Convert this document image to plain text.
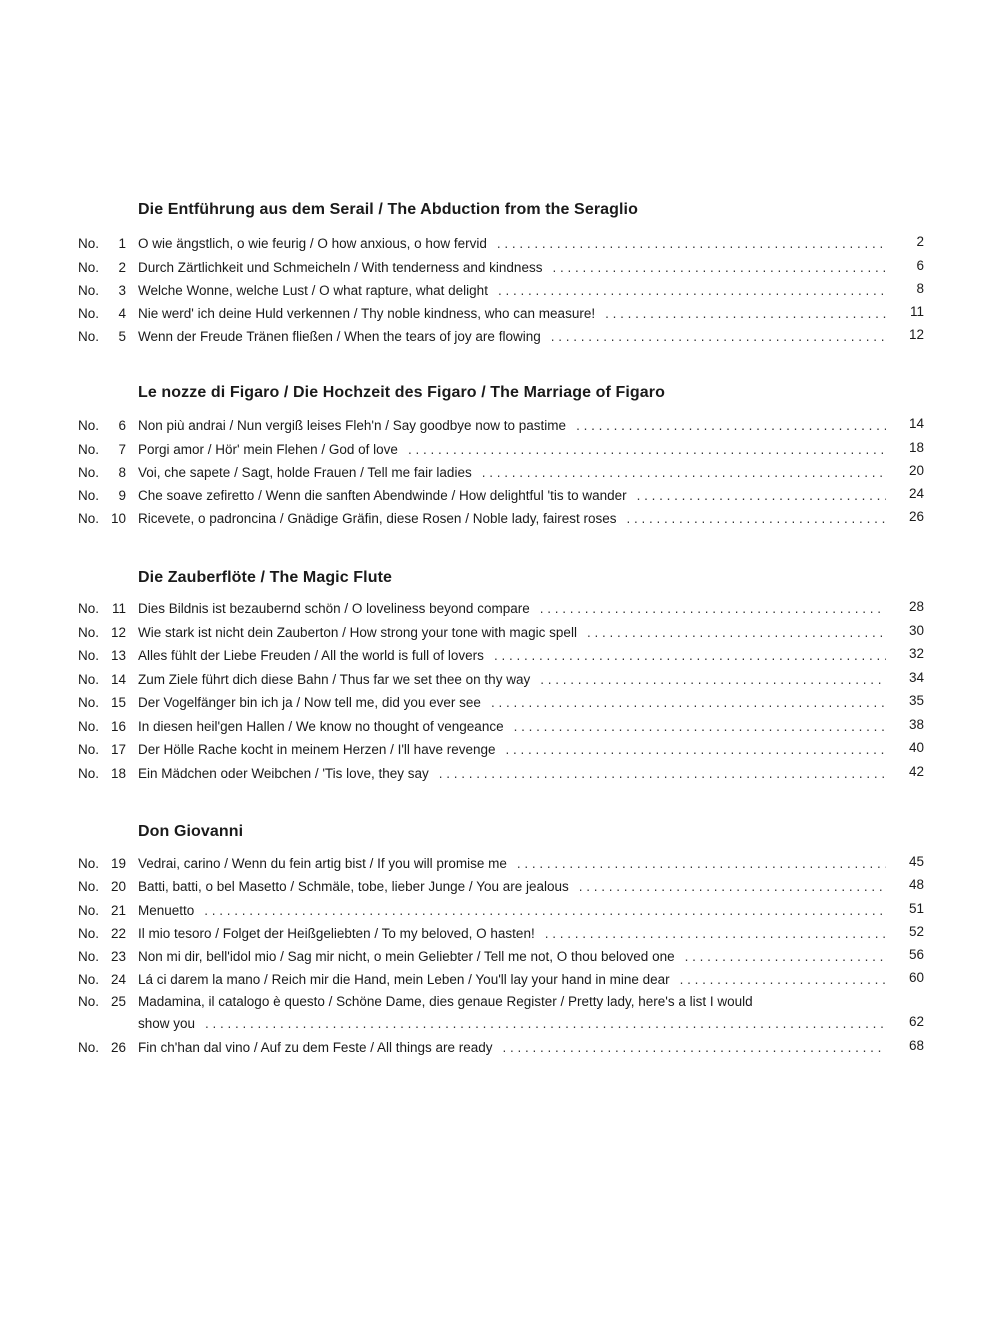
Die Entführung aus dem Serail / The Abduction from the Seraglio
No.	1 O wie ängstlich, o wie feurig / O how anxious, o how fervid . . .	2
No.	2 Durch Zärtlichkeit und Schmeicheln / With tenderness and kindness . . .	6
No.	3 Welche Wonne, welche Lust / O what rapture, what delight . . .	8
No.	4 Nie werd' ich deine Huld verkennen / Thy noble kindness, who can measure! . . .	11
No.	5 Wenn der Freude Tränen fließen / When the tears of joy are flowing . . .	12
Le nozze di Figaro / Die Hochzeit des Figaro / The Marriage of Figaro
No.	6 Non più andrai / Nun vergiß leises Fleh'n / Say goodbye now to pastime . . .	14
No.	7 Porgi amor / Hör' mein Flehen / God of love . . .	18
No.	8 Voi, che sapete / Sagt, holde Frauen / Tell me fair ladies . . .	20
No.	9 Che soave zefiretto / Wenn die sanften Abendwinde / How delightful 'tis to wander . . .	24
No. 10 Ricevete, o padroncina / Gnädige Gräfin, diese Rosen / Noble lady, fairest roses . . .	26
Die Zauberflöte / The Magic Flute
No. 11 Dies Bildnis ist bezaubernd schön / O loveliness beyond compare . . .	28
No. 12 Wie stark ist nicht dein Zauberton / How strong your tone with magic spell . . .	30
No. 13 Alles fühlt der Liebe Freuden / All the world is full of lovers . . .	32
No. 14 Zum Ziele führt dich diese Bahn / Thus far we set thee on thy way . . .	34
No. 15 Der Vogelfänger bin ich ja / Now tell me, did you ever see . . .	35
No. 16 In diesen heil'gen Hallen / We know no thought of vengeance . . .	38
No. 17 Der Hölle Rache kocht in meinem Herzen / I'll have revenge . . .	40
No. 18 Ein Mädchen oder Weibchen / 'Tis love, they say . . .	42
Don Giovanni
No. 19 Vedrai, carino / Wenn du fein artig bist / If you will promise me . . .	45
No. 20 Batti, batti, o bel Masetto / Schmäle, tobe, lieber Junge / You are jealous . . .	48
No. 21 Menuetto . . .	51
No. 22 Il mio tesoro / Folget der Heißgeliebten / To my beloved, O hasten! . . .	52
No. 23 Non mi dir, bell'idol mio / Sag mir nicht, o mein Geliebter / Tell me not, O thou beloved one . . .	56
No. 24 Lá ci darem la mano / Reich mir die Hand, mein Leben / You'll lay your hand in mine dear . . .	60
No. 25 Madamina, il catalogo è questo / Schöne Dame, dies genaue Register / Pretty lady, here's a list I would
show you . . .	62
No. 26 Fin ch'han dal vino / Auf zu dem Feste / All things are ready . . .	68
